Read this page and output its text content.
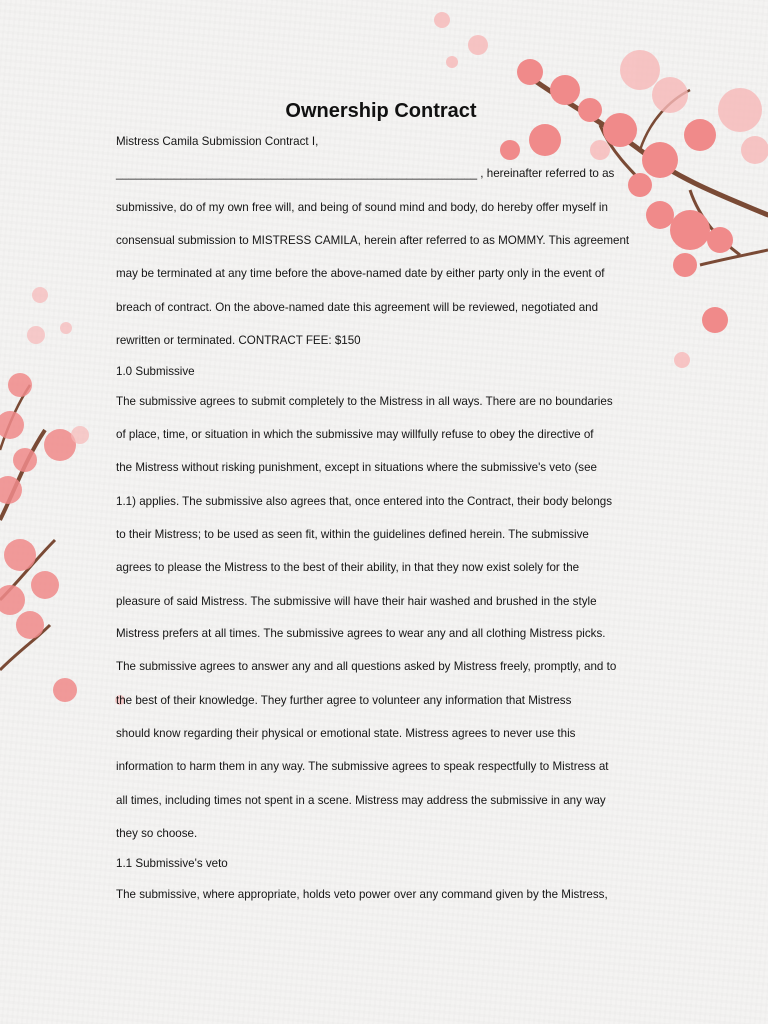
Ownership Contract

Mistress Camila Submission Contract I,

________________________________________________________ , hereinafter referred to as

submissive, do of my own free will, and being of sound mind and body, do hereby offer myself in

consensual submission to MISTRESS CAMILA, herein after referred to as MOMMY. This agreement

may be terminated at any time before the above-named date by either party only in the event of

breach of contract. On the above-named date this agreement will be reviewed, negotiated and

rewritten or terminated. CONTRACT FEE: $150

1.0 Submissive

The submissive agrees to submit completely to the Mistress in all ways. There are no boundaries

of place, time, or situation in which the submissive may willfully refuse to obey the directive of

the Mistress without risking punishment, except in situations where the submissive's veto (see

1.1) applies. The submissive also agrees that, once entered into the Contract, their body belongs

to their Mistress; to be used as seen fit, within the guidelines defined herein. The submissive

agrees to please the Mistress to the best of their ability, in that they now exist solely for the

pleasure of said Mistress. The submissive will have their hair washed and brushed in the style

Mistress prefers at all times. The submissive agrees to wear any and all clothing Mistress picks.

The submissive agrees to answer any and all questions asked by Mistress freely, promptly, and to

the best of their knowledge. They further agree to volunteer any information that Mistress

should know regarding their physical or emotional state. Mistress agrees to never use this

information to harm them in any way. The submissive agrees to speak respectfully to Mistress at

all times, including times not spent in a scene. Mistress may address the submissive in any way

they so choose.

1.1 Submissive's veto

The submissive, where appropriate, holds veto power over any command given by the Mistress,
